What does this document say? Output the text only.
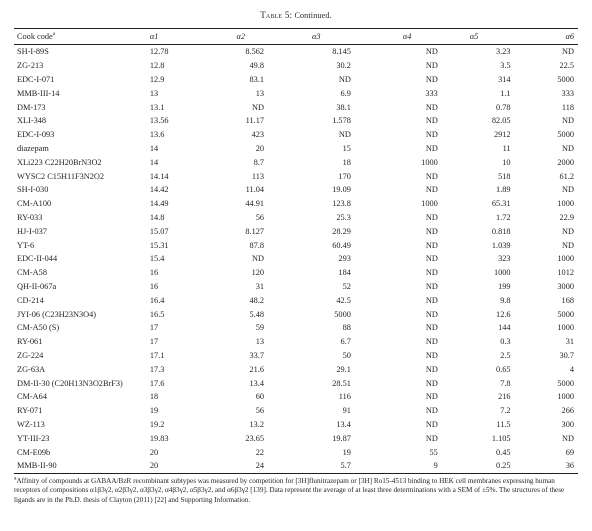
Table 5: Continued.
Cook code$^a$	α1	α2	α3	α4	α5	α6
SH-I-89S	12.78	8.562	8.145	ND	3.23	ND
ZG-213	12.8	49.8	30.2	ND	3.5	22.5
EDC-I-071	12.9	83.1	ND	ND	314	5000
MMB-III-14	13	13	6.9	333	1.1	333
DM-173	13.1	ND	38.1	ND	0.78	118
XLI-348	13.56	11.17	1.578	ND	82.05	ND
EDC-I-093	13.6	423	ND	ND	2912	5000
diazepam	14	20	15	ND	11	ND
XLi223 C22H20BrN3O2	14	8.7	18	1000	10	2000
WYSC2 C15H11F3N2O2	14.14	113	170	ND	518	61.2
SH-I-030	14.42	11.04	19.09	ND	1.89	ND
CM-A100	14.49	44.91	123.8	1000	65.31	1000
RY-033	14.8	56	25.3	ND	1.72	22.9
HJ-I-037	15.07	8.127	28.29	ND	0.818	ND
YT-6	15.31	87.8	60.49	ND	1.039	ND
EDC-II-044	15.4	ND	293	ND	323	1000
CM-A58	16	120	184	ND	1000	1012
QH-II-067a	16	31	52	ND	199	3000
CD-214	16.4	48.2	42.5	ND	9.8	168
JYI-06 (C23H23N3O4)	16.5	5.48	5000	ND	12.6	5000
CM-A50 (S)	17	59	88	ND	144	1000
RY-061	17	13	6.7	ND	0.3	31
ZG-224	17.1	33.7	50	ND	2.5	30.7
ZG-63A	17.3	21.6	29.1	ND	0.65	4
DM-II-30 (C20H13N3O2BrF3)	17.6	13.4	28.51	ND	7.8	5000
CM-A64	18	60	116	ND	216	1000
RY-071	19	56	91	ND	7.2	266
WZ-113	19.2	13.2	13.4	ND	11.5	300
YT-III-23	19.83	23.65	19.87	ND	1.105	ND
CM-E09b	20	22	19	55	0.45	69
MMB-II-90	20	24	5.7	9	0.25	36
$^a$Affinity of compounds at GABAA/BzR recombinant subtypes was measured by competition for [3H]flunitrazepam or [3H] Ro15-4513 binding to HEK cell membranes expressing human receptors of compositions α1β3γ2, α2β3γ2, α3β3γ2, α4β3γ2, α5β3γ2, and α6β3γ2 [139]. Data represent the average of at least three determinations with a SEM of ±5%. The structures of these ligands are in the Ph.D. thesis of Clayton (2011) [22] and Supporting Information.
